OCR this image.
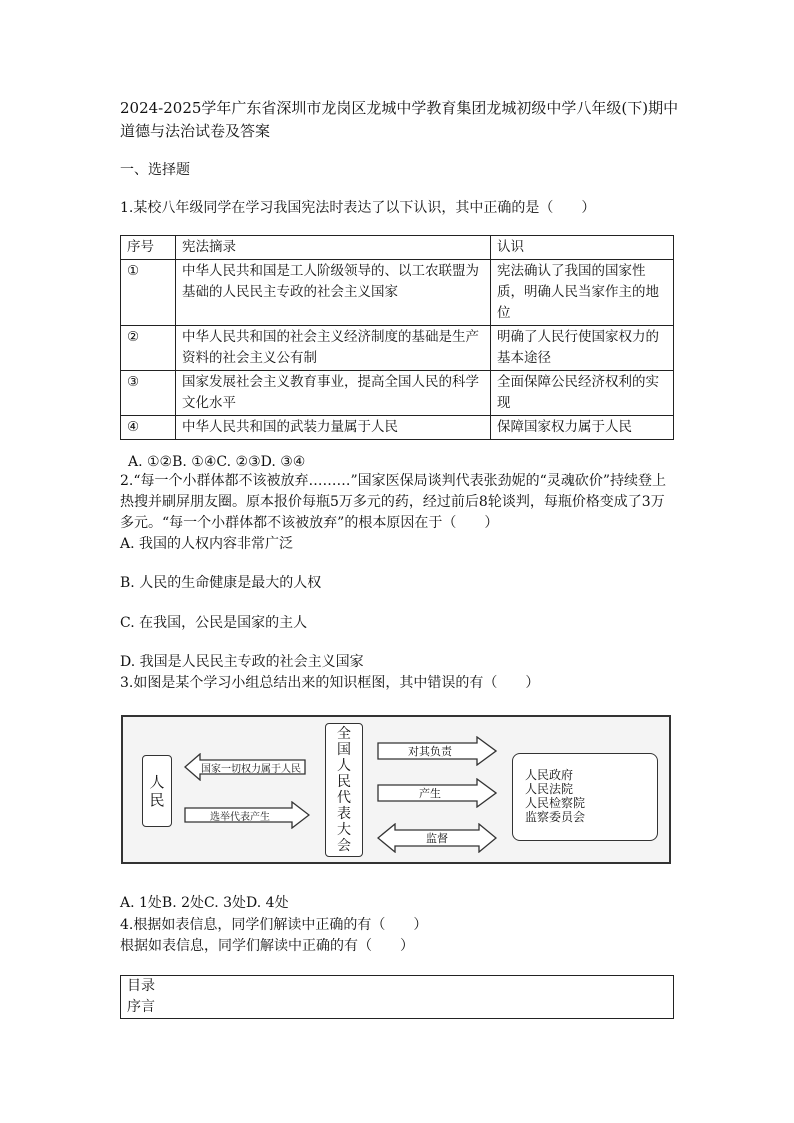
2024-2025学年广东省深圳市龙岗区龙城中学教育集团龙城初级中学八年级(下)期中道德与法治试卷及答案
一、选择题
1.某校八年级同学在学习我国宪法时表达了以下认识，其中正确的是（　　）
序号	宪法摘录	认识
①	中华人民共和国是工人阶级领导的、以工农联盟为基础的人民民主专政的社会主义国家	宪法确认了我国的国家性质，明确人民当家作主的地位
②	中华人民共和国的社会主义经济制度的基础是生产资料的社会主义公有制	明确了人民行使国家权力的基本途径
③	国家发展社会主义教育事业，提高全国人民的科学文化水平	全面保障公民经济权利的实现
④	中华人民共和国的武装力量属于人民	保障国家权力属于人民
A. ①②B. ①④C. ②③D. ③④
2.“每一个小群体都不该被放弃………”国家医保局谈判代表张劲妮的“灵魂砍价”持续登上热搜并刷屏朋友圈。原本报价每瓶5万多元的药，经过前后8轮谈判，每瓶价格变成了3万多元。“每一个小群体都不该被放弃”的根本原因在于（　　）
A. 我国的人权内容非常广泛
B. 人民的生命健康是最大的人权
C. 在我国，公民是国家的主人
D. 我国是人民民主专政的社会主义国家
3.如图是某个学习小组总结出来的知识框图，其中错误的有（　　）
人
民
国家一切权力属于人民
选举代表产生
全
国
人
民
代
表
大
会
对其负责
产生
监督
人民政府
人民法院
人民检察院
监察委员会
A. 1处B. 2处C. 3处D. 4处
4.根据如表信息，同学们解读中正确的有（　　）
根据如表信息，同学们解读中正确的有（　　）
目录
序言
